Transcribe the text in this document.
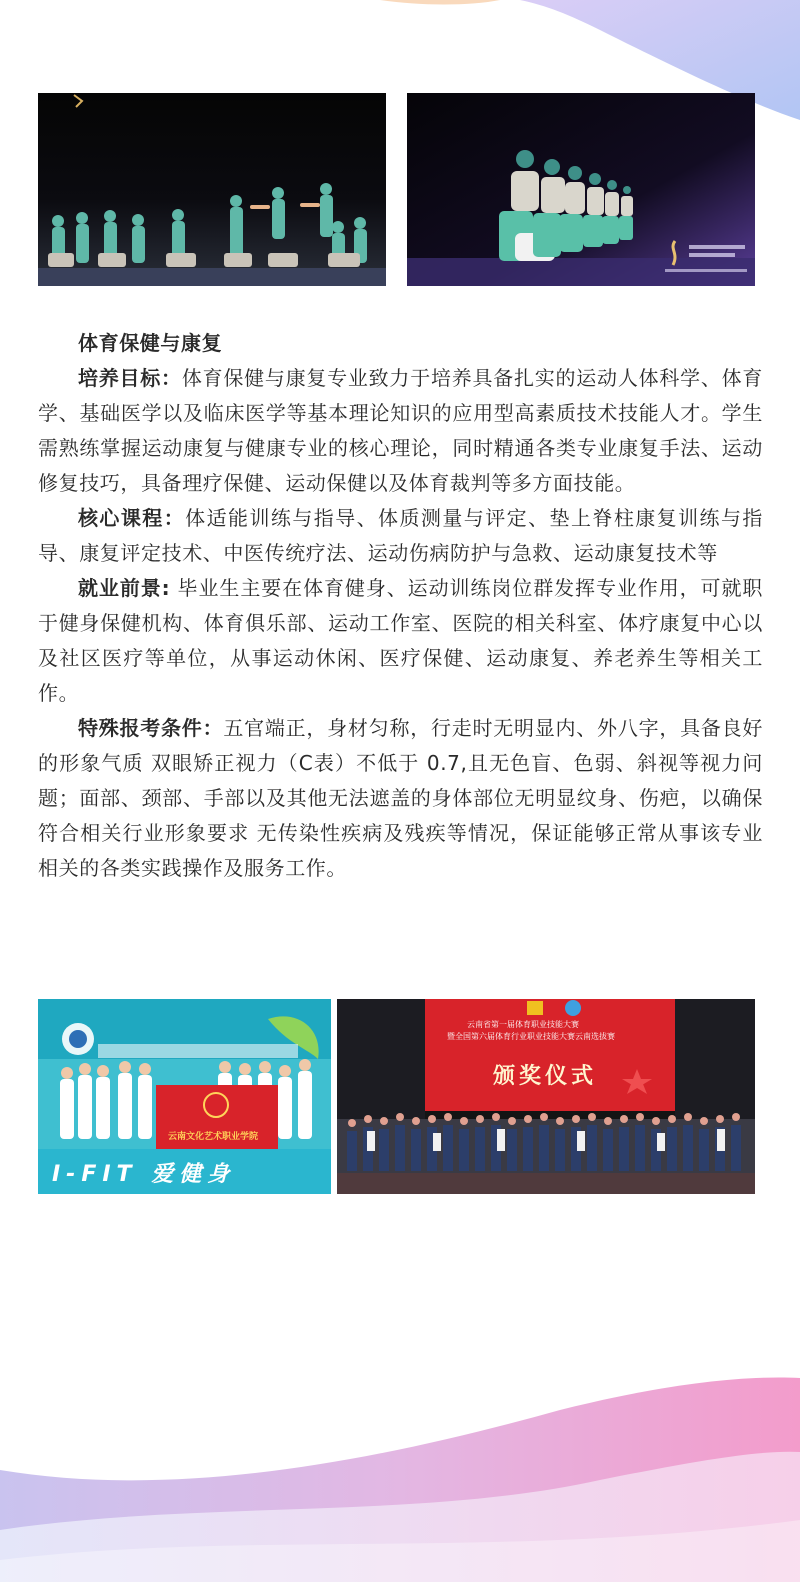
体育保健与康复

培养目标：体育保健与康复专业致力于培养具备扎实的运动人体科学、体育学、基础医学以及临床医学等基本理论知识的应用型高素质技术技能人才。学生需熟练掌握运动康复与健康专业的核心理论，同时精通各类专业康复手法、运动修复技巧，具备理疗保健、运动保健以及体育裁判等多方面技能。

核心课程：体适能训练与指导、体质测量与评定、垫上脊柱康复训练与指导、康复评定技术、中医传统疗法、运动伤病防护与急救、运动康复技术等

就业前景: 毕业生主要在体育健身、运动训练岗位群发挥专业作用，可就职于健身保健机构、体育俱乐部、运动工作室、医院的相关科室、体疗康复中心以及社区医疗等单位，从事运动休闲、医疗保健、运动康复、养老养生等相关工作。

特殊报考条件：五官端正，身材匀称，行走时无明显内、外八字，具备良好的形象气质 双眼矫正视力（C表）不低于 0.7,且无色盲、色弱、斜视等视力问题；面部、颈部、手部以及其他无法遮盖的身体部位无明显纹身、伤疤，以确保符合相关行业形象要求 无传染性疾病及残疾等情况，保证能够正常从事该专业相关的各类实践操作及服务工作。

云南文化艺术职业学院
I-FIT 爱健身
云南省第一届体育职业技能大赛
暨全国第六届体育行业职业技能大赛云南选拔赛
颁奖仪式
